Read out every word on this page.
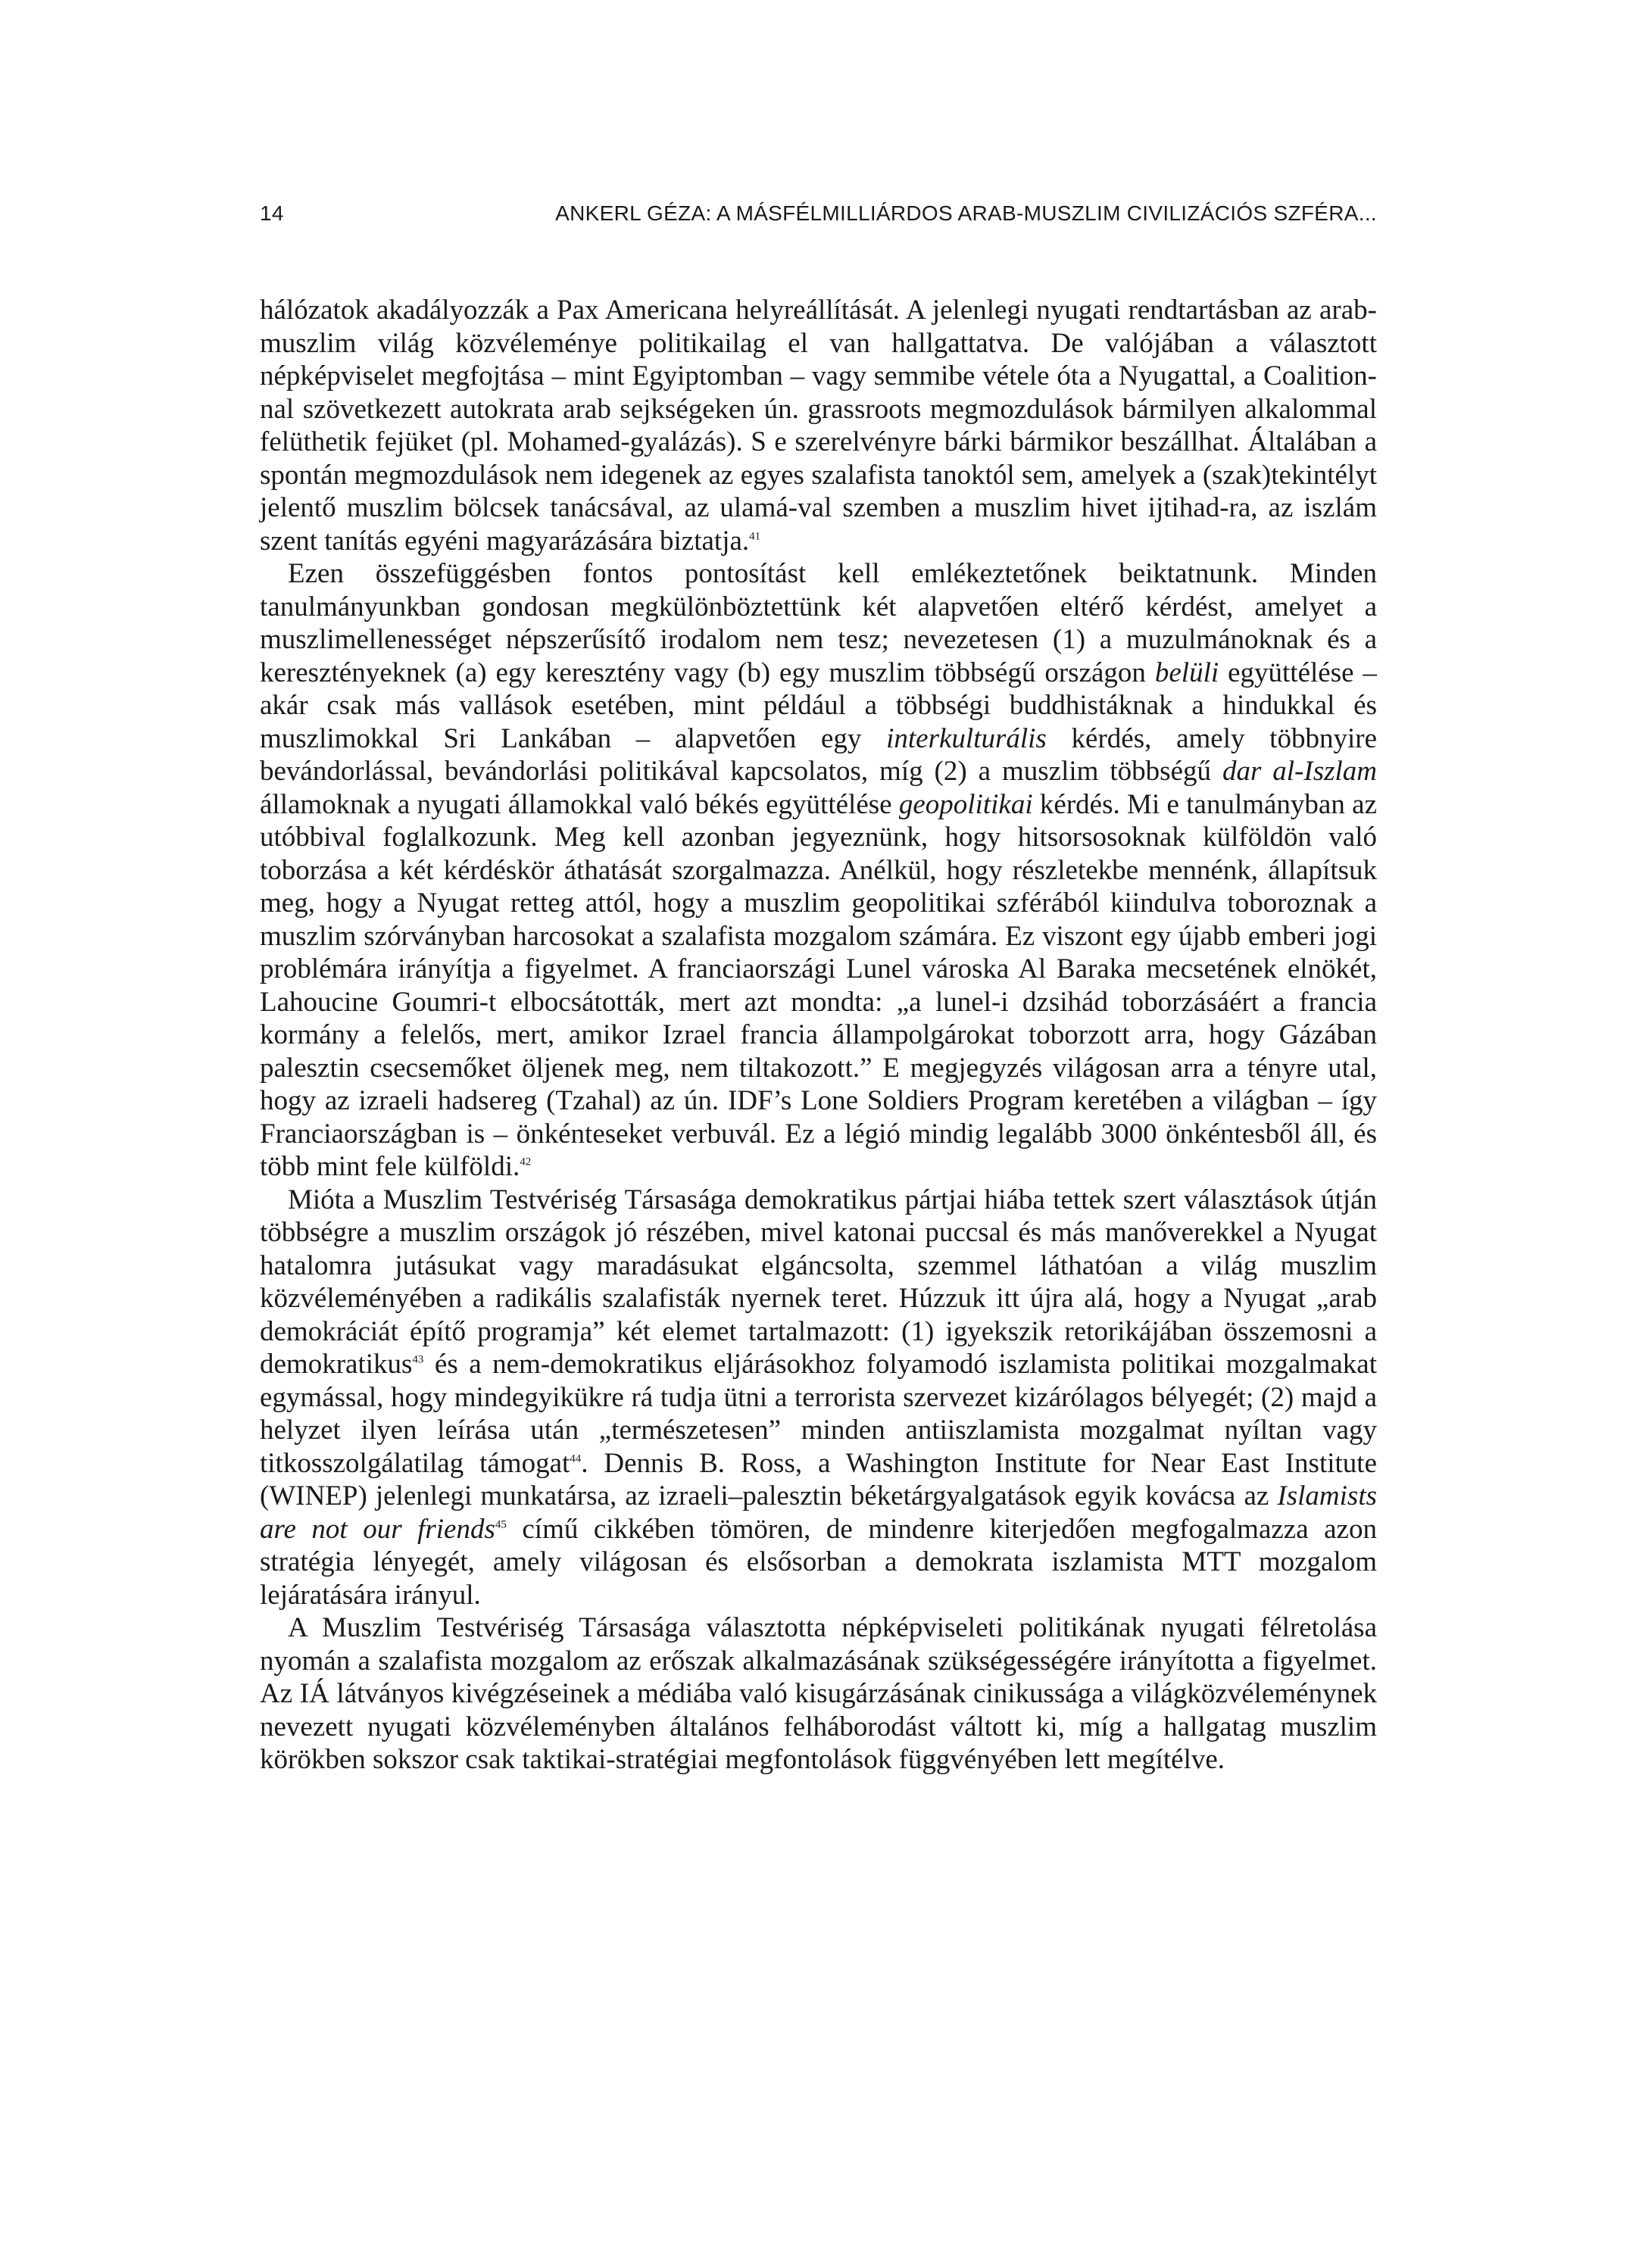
14	ANKERL GÉZA: A MÁSFÉLMILLIÁRDOS ARAB-MUSZLIM CIVILIZÁCIÓS SZFÉRA...

hálózatok akadályozzák a Pax Americana helyreállítását. A jelenlegi nyugati rendtartásban az arab-muszlim világ közvéleménye politikailag el van hallgattatva. De valójában a választott népképviselet megfojtása – mint Egyiptomban – vagy semmibe vétele óta a Nyugattal, a Coalition-nal szövetkezett autokrata arab sejkségeken ún. grassroots megmozdulások bármilyen alkalommal felüthetik fejüket (pl. Mohamed-gyalázás). S e szerelvényre bárki bármikor beszállhat. Általában a spontán megmozdulások nem idegenek az egyes szalafista tanoktól sem, amelyek a (szak)tekintélyt jelentő muszlim bölcsek tanácsával, az ulamá-val szemben a muszlim hivet ijtihad-ra, az iszlám szent tanítás egyéni magyarázására biztatja.$^{41}$

Ezen összefüggésben fontos pontosítást kell emlékeztetőnek beiktatnunk. Minden tanulmányunkban gondosan megkülönböztettünk két alapvetően eltérő kérdést, amelyet a muszlimellenességet népszerűsítő irodalom nem tesz; nevezetesen (1) a muzulmánoknak és a keresztényeknek (a) egy keresztény vagy (b) egy muszlim többségű országon belüli együttélése – akár csak más vallások esetében, mint például a többségi buddhistáknak a hindukkal és muszlimokkal Sri Lankában – alapvetően egy interkulturális kérdés, amely többnyire bevándorlással, bevándorlási politikával kapcsolatos, míg (2) a muszlim többségű dar al-Iszlam államoknak a nyugati államokkal való békés együttélése geopolitikai kérdés. Mi e tanulmányban az utóbbival foglalkozunk. Meg kell azonban jegyeznünk, hogy hitsorsosoknak külföldön való toborzása a két kérdéskör áthatását szorgalmazza. Anélkül, hogy részletekbe mennénk, állapítsuk meg, hogy a Nyugat retteg attól, hogy a muszlim geopolitikai szférából kiindulva toboroznak a muszlim szórványban harcosokat a szalafista mozgalom számára. Ez viszont egy újabb emberi jogi problémára irányítja a figyelmet. A franciaországi Lunel városka Al Baraka mecsetének elnökét, Lahoucine Goumri-t elbocsátották, mert azt mondta: „a lunel-i dzsihád toborzásáért a francia kormány a felelős, mert, amikor Izrael francia állampolgárokat toborzott arra, hogy Gázában palesztin csecsemőket öljenek meg, nem tiltakozott.” E megjegyzés világosan arra a tényre utal, hogy az izraeli hadsereg (Tzahal) az ún. IDF’s Lone Soldiers Program keretében a világban – így Franciaországban is – önkénteseket verbuvál. Ez a légió mindig legalább 3000 önkéntesből áll, és több mint fele külföldi.$^{42}$

Mióta a Muszlim Testvériség Társasága demokratikus pártjai hiába tettek szert választások útján többségre a muszlim országok jó részében, mivel katonai puccsal és más manőverekkel a Nyugat hatalomra jutásukat vagy maradásukat elgáncsolta, szemmel láthatóan a világ muszlim közvéleményében a radikális szalafisták nyernek teret. Húzzuk itt újra alá, hogy a Nyugat „arab demokráciát építő programja” két elemet tartalmazott: (1) igyekszik retorikájában összemosni a demokratikus$^{43}$ és a nem-demokratikus eljárásokhoz folyamodó iszlamista politikai mozgalmakat egymással, hogy mindegyikükre rá tudja ütni a terrorista szervezet kizárólagos bélyegét; (2) majd a helyzet ilyen leírása után „természetesen” minden antiiszlamista mozgalmat nyíltan vagy titkosszolgálatilag támogat$^{44}$. Dennis B. Ross, a Washington Institute for Near East Institute (WINEP) jelenlegi munkatársa, az izraeli–palesztin béketárgyalgatások egyik kovácsa az Islamists are not our friends$^{45}$ című cikkében tömören, de mindenre kiterjedően megfogalmazza azon stratégia lényegét, amely világosan és elsősorban a demokrata iszlamista MTT mozgalom lejáratására irányul.

A Muszlim Testvériség Társasága választotta népképviseleti politikának nyugati félretolása nyomán a szalafista mozgalom az erőszak alkalmazásának szükségességére irányította a figyelmet. Az IÁ látványos kivégzéseinek a médiába való kisugárzásának cinikussága a világközvéleménynek nevezett nyugati közvéleményben általános felháborodást váltott ki, míg a hallgatag muszlim körökben sokszor csak taktikai-stratégiai megfontolások függvényében lett megítélve.
